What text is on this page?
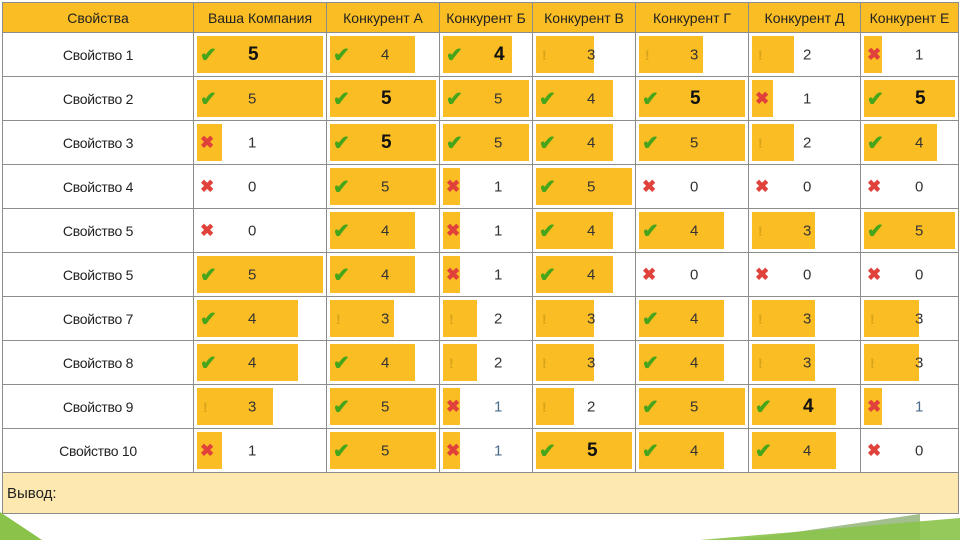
Свойства	Ваша Компания	Конкурент А	Конкурент Б	Конкурент В	Конкурент Г	Конкурент Д	Конкурент Е
Свойство 1	✔ 5	✔ 4	✔ 4	! 3	! 3	! 2	✖ 1

Свойство 2	✔ 5	✔ 5	✔ 5	✔ 4	✔ 5	✖ 1	✔ 5

Свойство 3	✖ 1	✔ 5	✔ 5	✔ 4	✔ 5	! 2	✔ 4

Свойство 4	✖ 0	✔ 5	✖ 1	✔ 5	✖ 0	✖ 0	✖ 0

Свойство 5	✖ 0	✔ 4	✖ 1	✔ 4	✔ 4	! 3	✔ 5

Свойство 5	✔ 5	✔ 4	✖ 1	✔ 4	✖ 0	✖ 0	✖ 0

Свойство 7	✔ 4	! 3	! 2	! 3	✔ 4	! 3	! 3

Свойство 8	✔ 4	✔ 4	! 2	! 3	✔ 4	! 3	! 3

Свойство 9	! 3	✔ 5	✖ 1	! 2	✔ 5	✔ 4	✖ 1

Свойство 10	✖ 1	✔ 5	✖ 1	✔ 5	✔ 4	✔ 4	✖ 0

Вывод:							
